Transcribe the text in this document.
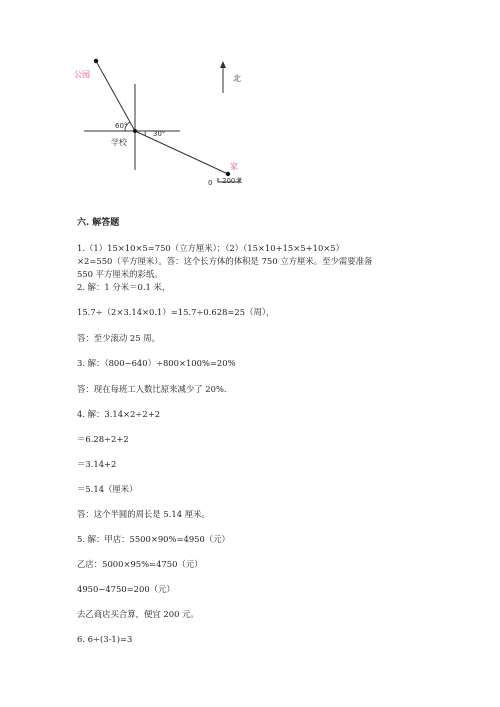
公园	北
学校
家
60°
30°
0 200米
六. 解答题
1.（1）15×10×5=750（立方厘米）；（2）（15×10+15×5+10×5）
×2=550（平方厘米）。答：这个长方体的体积是 750 立方厘米。至少需要准备
550 平方厘米的彩纸。
2. 解：1 分米＝0.1 米，
15.7÷（2×3.14×0.1）=15.7÷0.628=25（周），
答：至少滚动 25 周。
3. 解：（800−640）÷800×100%=20%
答：现在每班工人数比原来减少了 20%.
4. 解：3.14×2÷2+2
＝6.28÷2+2
＝3.14+2
＝5.14（厘米）
答：这个半圆的周长是 5.14 厘米。
5. 解：甲店：5500×90%=4950（元）
乙店：5000×95%=4750（元）
4950−4750=200（元）
去乙商店买合算，便宜 200 元。
6. 6÷(3-1)=3
